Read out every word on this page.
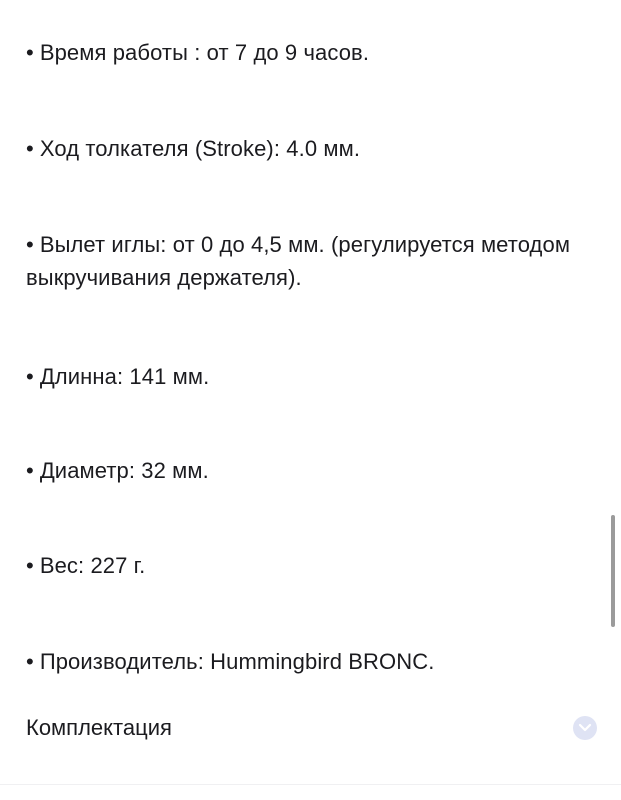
• Время работы : от 7 до 9 часов.
• Ход толкателя (Stroke): 4.0 мм.
• Вылет иглы: от 0 до 4,5 мм. (регулируется методом выкручивания держателя).
• Длинна: 141 мм.
• Диаметр: 32 мм.
• Вес: 227 г.
• Производитель: Hummingbird BRONC.
Комплектация
